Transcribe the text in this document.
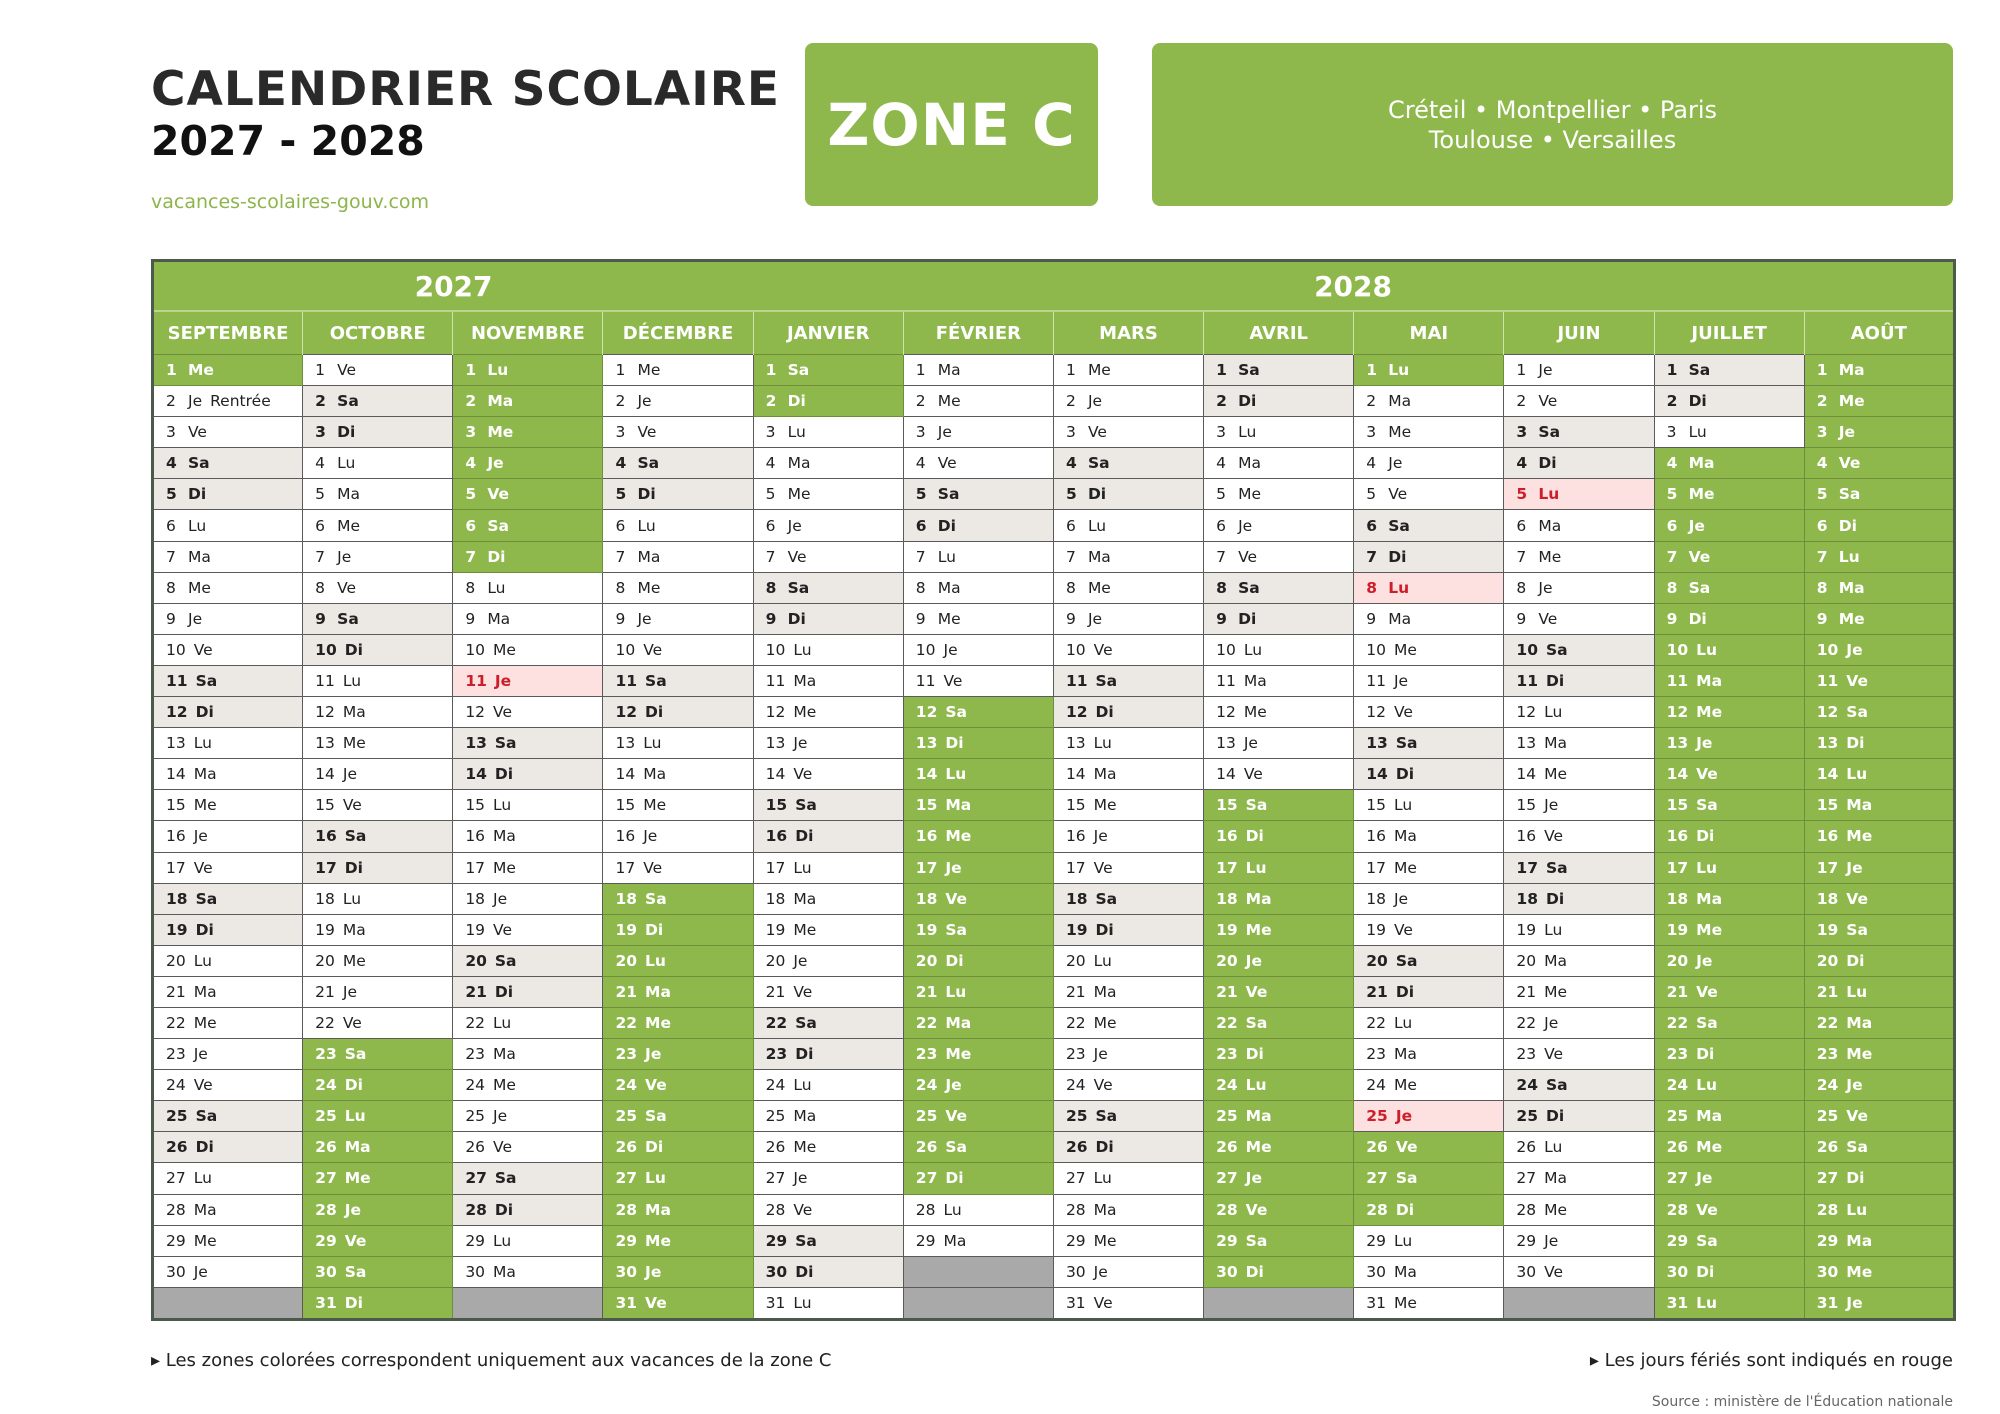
CALENDRIER SCOLAIRE
2027 - 2028
vacances-scolaires-gouv.com
ZONE C	Créteil • Montpellier • Paris
Toulouse • Versailles
2027				2028							
SEPTEMBRE	OCTOBRE	NOVEMBRE	DÉCEMBRE	JANVIER	FÉVRIER	MARS	AVRIL	MAI	JUIN	JUILLET	AOÛT
1 Me	1 Ve	1 Lu	1 Me	1 Sa	1 Ma	1 Me	1 Sa	1 Lu	1 Je	1 Sa	1 Ma
2 Je Rentrée	2 Sa	2 Ma	2 Je	2 Di	2 Me	2 Je	2 Di	2 Ma	2 Ve	2 Di	2 Me
3 Ve	3 Di	3 Me	3 Ve	3 Lu	3 Je	3 Ve	3 Lu	3 Me	3 Sa	3 Lu	3 Je
4 Sa	4 Lu	4 Je	4 Sa	4 Ma	4 Ve	4 Sa	4 Ma	4 Je	4 Di	4 Ma	4 Ve
5 Di	5 Ma	5 Ve	5 Di	5 Me	5 Sa	5 Di	5 Me	5 Ve	5 Lu	5 Me	5 Sa
6 Lu	6 Me	6 Sa	6 Lu	6 Je	6 Di	6 Lu	6 Je	6 Sa	6 Ma	6 Je	6 Di
7 Ma	7 Je	7 Di	7 Ma	7 Ve	7 Lu	7 Ma	7 Ve	7 Di	7 Me	7 Ve	7 Lu
8 Me	8 Ve	8 Lu	8 Me	8 Sa	8 Ma	8 Me	8 Sa	8 Lu	8 Je	8 Sa	8 Ma
9 Je	9 Sa	9 Ma	9 Je	9 Di	9 Me	9 Je	9 Di	9 Ma	9 Ve	9 Di	9 Me
10 Ve	10 Di	10 Me	10 Ve	10 Lu	10 Je	10 Ve	10 Lu	10 Me	10 Sa	10 Lu	10 Je
11 Sa	11 Lu	11 Je	11 Sa	11 Ma	11 Ve	11 Sa	11 Ma	11 Je	11 Di	11 Ma	11 Ve
12 Di	12 Ma	12 Ve	12 Di	12 Me	12 Sa	12 Di	12 Me	12 Ve	12 Lu	12 Me	12 Sa
13 Lu	13 Me	13 Sa	13 Lu	13 Je	13 Di	13 Lu	13 Je	13 Sa	13 Ma	13 Je	13 Di
14 Ma	14 Je	14 Di	14 Ma	14 Ve	14 Lu	14 Ma	14 Ve	14 Di	14 Me	14 Ve	14 Lu
15 Me	15 Ve	15 Lu	15 Me	15 Sa	15 Ma	15 Me	15 Sa	15 Lu	15 Je	15 Sa	15 Ma
16 Je	16 Sa	16 Ma	16 Je	16 Di	16 Me	16 Je	16 Di	16 Ma	16 Ve	16 Di	16 Me
17 Ve	17 Di	17 Me	17 Ve	17 Lu	17 Je	17 Ve	17 Lu	17 Me	17 Sa	17 Lu	17 Je
18 Sa	18 Lu	18 Je	18 Sa	18 Ma	18 Ve	18 Sa	18 Ma	18 Je	18 Di	18 Ma	18 Ve
19 Di	19 Ma	19 Ve	19 Di	19 Me	19 Sa	19 Di	19 Me	19 Ve	19 Lu	19 Me	19 Sa
20 Lu	20 Me	20 Sa	20 Lu	20 Je	20 Di	20 Lu	20 Je	20 Sa	20 Ma	20 Je	20 Di
21 Ma	21 Je	21 Di	21 Ma	21 Ve	21 Lu	21 Ma	21 Ve	21 Di	21 Me	21 Ve	21 Lu
22 Me	22 Ve	22 Lu	22 Me	22 Sa	22 Ma	22 Me	22 Sa	22 Lu	22 Je	22 Sa	22 Ma
23 Je	23 Sa	23 Ma	23 Je	23 Di	23 Me	23 Je	23 Di	23 Ma	23 Ve	23 Di	23 Me
24 Ve	24 Di	24 Me	24 Ve	24 Lu	24 Je	24 Ve	24 Lu	24 Me	24 Sa	24 Lu	24 Je
25 Sa	25 Lu	25 Je	25 Sa	25 Ma	25 Ve	25 Sa	25 Ma	25 Je	25 Di	25 Ma	25 Ve
26 Di	26 Ma	26 Ve	26 Di	26 Me	26 Sa	26 Di	26 Me	26 Ve	26 Lu	26 Me	26 Sa
27 Lu	27 Me	27 Sa	27 Lu	27 Je	27 Di	27 Lu	27 Je	27 Sa	27 Ma	27 Je	27 Di
28 Ma	28 Je	28 Di	28 Ma	28 Ve	28 Lu	28 Ma	28 Ve	28 Di	28 Me	28 Ve	28 Lu
29 Me	29 Ve	29 Lu	29 Me	29 Sa	29 Ma	29 Me	29 Sa	29 Lu	29 Je	29 Sa	29 Ma
30 Je	30 Sa	30 Ma	30 Je	30 Di		30 Je	30 Di	30 Ma	30 Ve	30 Di	30 Me
	31 Di		31 Ve	31 Lu		31 Ve		31 Me		31 Lu	31 Je
▸ Les zones colorées correspondent uniquement aux vacances de la zone C	▸ Les jours fériés sont indiqués en rouge
Source : ministère de l'Éducation nationale
